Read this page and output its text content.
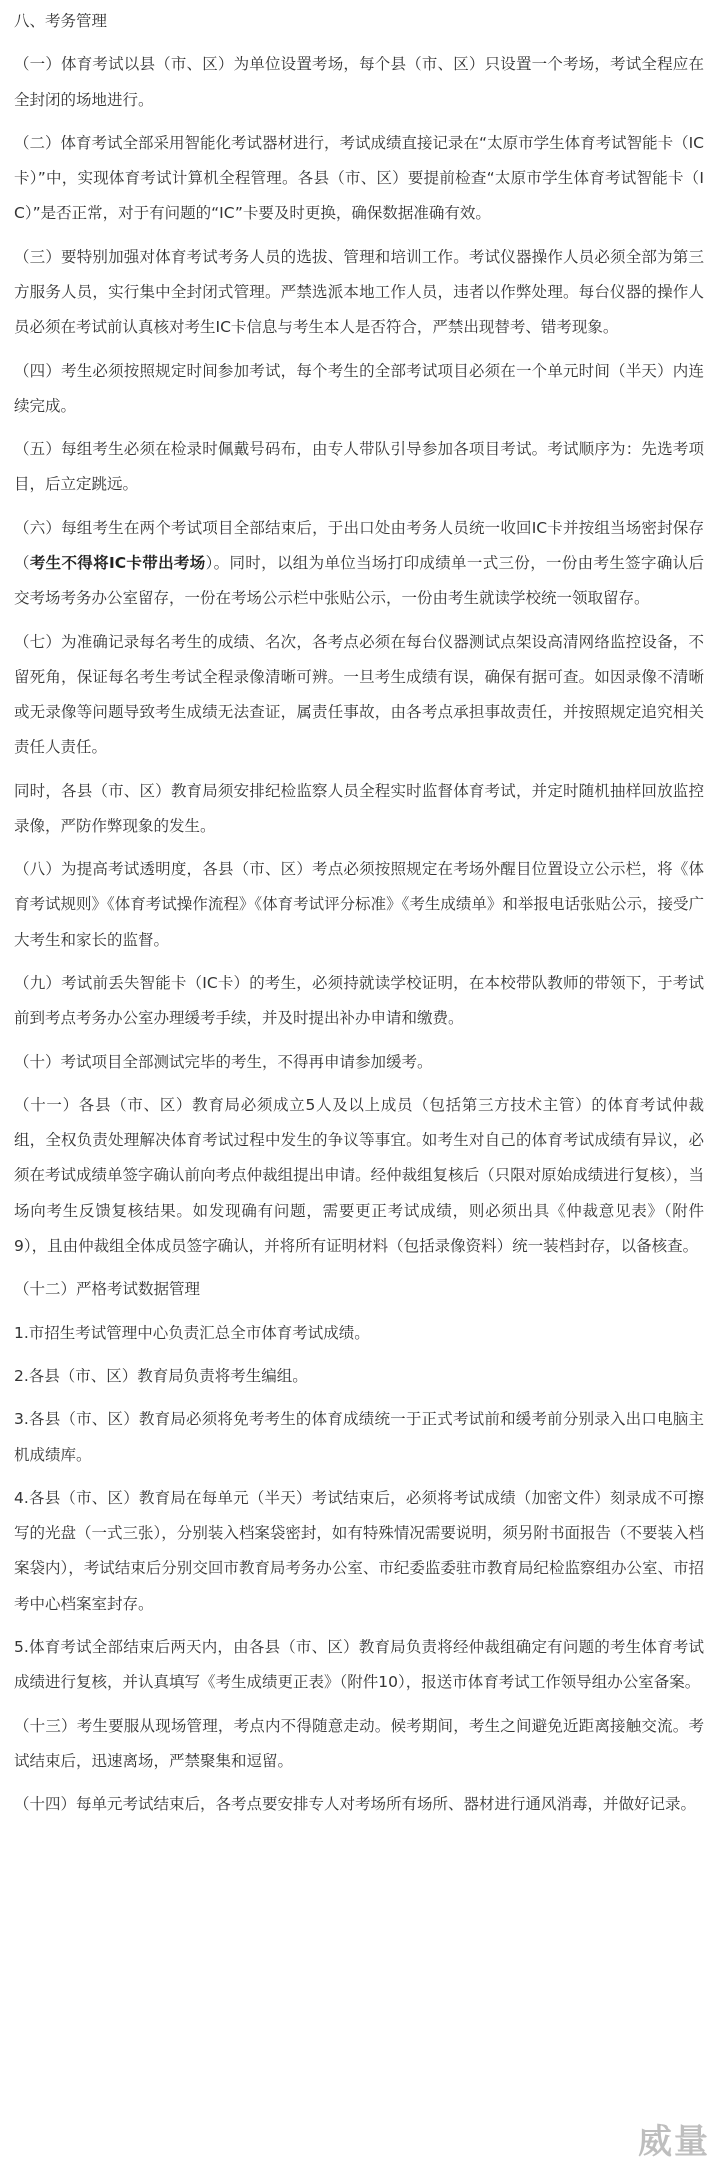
八、考务管理

（一）体育考试以县（市、区）为单位设置考场，每个县（市、区）只设置一个考场，考试全程应在全封闭的场地进行。

（二）体育考试全部采用智能化考试器材进行，考试成绩直接记录在“太原市学生体育考试智能卡（IC卡）”中，实现体育考试计算机全程管理。各县（市、区）要提前检查“太原市学生体育考试智能卡（IC）”是否正常，对于有问题的“IC”卡要及时更换，确保数据准确有效。

（三）要特别加强对体育考试考务人员的选拔、管理和培训工作。考试仪器操作人员必须全部为第三方服务人员，实行集中全封闭式管理。严禁选派本地工作人员，违者以作弊处理。每台仪器的操作人员必须在考试前认真核对考生IC卡信息与考生本人是否符合，严禁出现替考、错考现象。

（四）考生必须按照规定时间参加考试，每个考生的全部考试项目必须在一个单元时间（半天）内连续完成。

（五）每组考生必须在检录时佩戴号码布，由专人带队引导参加各项目考试。考试顺序为：先选考项目，后立定跳远。

（六）每组考生在两个考试项目全部结束后，于出口处由考务人员统一收回IC卡并按组当场密封保存（考生不得将IC卡带出考场）。同时，以组为单位当场打印成绩单一式三份，一份由考生签字确认后交考场考务办公室留存，一份在考场公示栏中张贴公示，一份由考生就读学校统一领取留存。

（七）为准确记录每名考生的成绩、名次，各考点必须在每台仪器测试点架设高清网络监控设备，不留死角，保证每名考生考试全程录像清晰可辨。一旦考生成绩有误，确保有据可查。如因录像不清晰或无录像等问题导致考生成绩无法查证，属责任事故，由各考点承担事故责任，并按照规定追究相关责任人责任。

同时，各县（市、区）教育局须安排纪检监察人员全程实时监督体育考试，并定时随机抽样回放监控录像，严防作弊现象的发生。

（八）为提高考试透明度，各县（市、区）考点必须按照规定在考场外醒目位置设立公示栏，将《体育考试规则》《体育考试操作流程》《体育考试评分标准》《考生成绩单》和举报电话张贴公示，接受广大考生和家长的监督。

（九）考试前丢失智能卡（IC卡）的考生，必须持就读学校证明，在本校带队教师的带领下，于考试前到考点考务办公室办理缓考手续，并及时提出补办申请和缴费。

（十）考试项目全部测试完毕的考生，不得再申请参加缓考。

（十一）各县（市、区）教育局必须成立5人及以上成员（包括第三方技术主管）的体育考试仲裁组，全权负责处理解决体育考试过程中发生的争议等事宜。如考生对自己的体育考试成绩有异议，必须在考试成绩单签字确认前向考点仲裁组提出申请。经仲裁组复核后（只限对原始成绩进行复核），当场向考生反馈复核结果。如发现确有问题，需要更正考试成绩，则必须出具《仲裁意见表》（附件9），且由仲裁组全体成员签字确认，并将所有证明材料（包括录像资料）统一装档封存，以备核查。

（十二）严格考试数据管理

1.市招生考试管理中心负责汇总全市体育考试成绩。

2.各县（市、区）教育局负责将考生编组。

3.各县（市、区）教育局必须将免考考生的体育成绩统一于正式考试前和缓考前分别录入出口电脑主机成绩库。

4.各县（市、区）教育局在每单元（半天）考试结束后，必须将考试成绩（加密文件）刻录成不可擦写的光盘（一式三张），分别装入档案袋密封，如有特殊情况需要说明，须另附书面报告（不要装入档案袋内），考试结束后分别交回市教育局考务办公室、市纪委监委驻市教育局纪检监察组办公室、市招考中心档案室封存。

5.体育考试全部结束后两天内，由各县（市、区）教育局负责将经仲裁组确定有问题的考生体育考试成绩进行复核，并认真填写《考生成绩更正表》（附件10），报送市体育考试工作领导组办公室备案。

（十三）考生要服从现场管理，考点内不得随意走动。候考期间，考生之间避免近距离接触交流。考试结束后，迅速离场，严禁聚集和逗留。

（十四）每单元考试结束后，各考点要安排专人对考场所有场所、器材进行通风消毒，并做好记录。

威量
